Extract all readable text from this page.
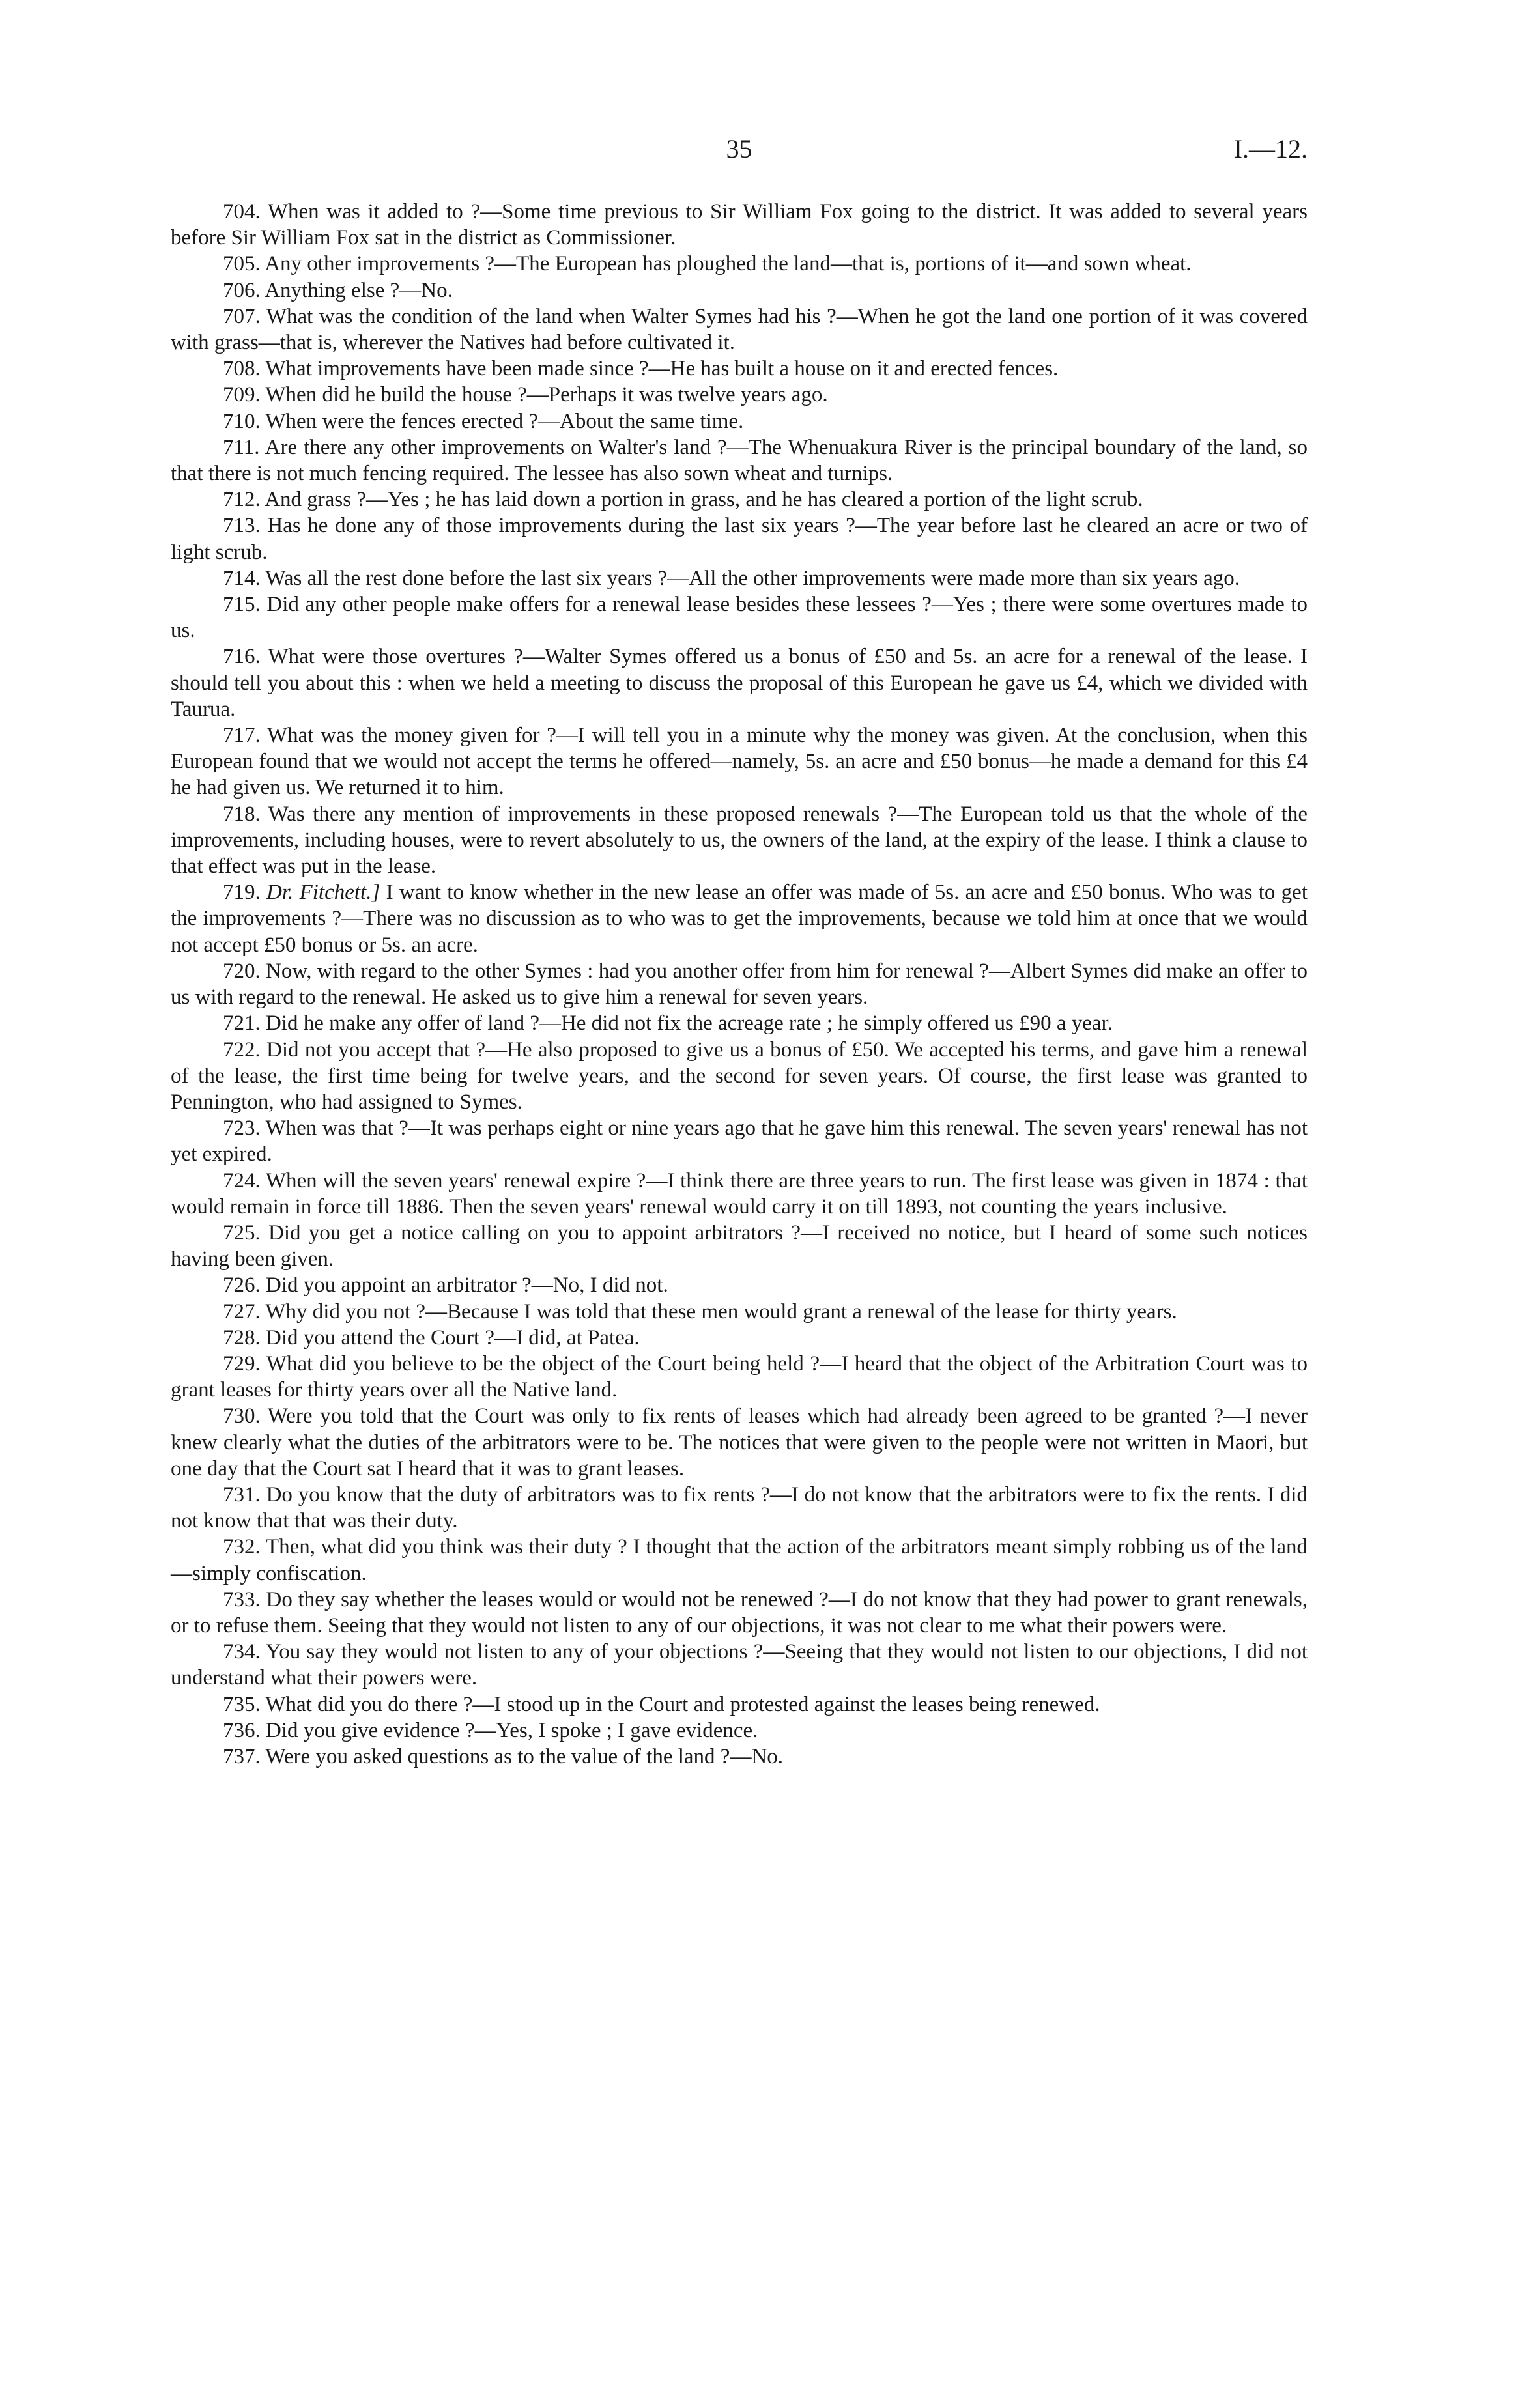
35	I.—12.

704. When was it added to ?—Some time previous to Sir William Fox going to the district. It was added to several years before Sir William Fox sat in the district as Commissioner.

705. Any other improvements ?—The European has ploughed the land—that is, portions of it—and sown wheat.

706. Anything else ?—No.

707. What was the condition of the land when Walter Symes had his ?—When he got the land one portion of it was covered with grass—that is, wherever the Natives had before cultivated it.

708. What improvements have been made since ?—He has built a house on it and erected fences.

709. When did he build the house ?—Perhaps it was twelve years ago.

710. When were the fences erected ?—About the same time.

711. Are there any other improvements on Walter's land ?—The Whenuakura River is the principal boundary of the land, so that there is not much fencing required. The lessee has also sown wheat and turnips.

712. And grass ?—Yes ; he has laid down a portion in grass, and he has cleared a portion of the light scrub.

713. Has he done any of those improvements during the last six years ?—The year before last he cleared an acre or two of light scrub.

714. Was all the rest done before the last six years ?—All the other improvements were made more than six years ago.

715. Did any other people make offers for a renewal lease besides these lessees ?—Yes ; there were some overtures made to us.

716. What were those overtures ?—Walter Symes offered us a bonus of £50 and 5s. an acre for a renewal of the lease. I should tell you about this : when we held a meeting to discuss the proposal of this European he gave us £4, which we divided with Taurua.

717. What was the money given for ?—I will tell you in a minute why the money was given. At the conclusion, when this European found that we would not accept the terms he offered—namely, 5s. an acre and £50 bonus—he made a demand for this £4 he had given us. We returned it to him.

718. Was there any mention of improvements in these proposed renewals ?—The European told us that the whole of the improvements, including houses, were to revert absolutely to us, the owners of the land, at the expiry of the lease. I think a clause to that effect was put in the lease.

719. Dr. Fitchett.] I want to know whether in the new lease an offer was made of 5s. an acre and £50 bonus. Who was to get the improvements ?—There was no discussion as to who was to get the improvements, because we told him at once that we would not accept £50 bonus or 5s. an acre.

720. Now, with regard to the other Symes : had you another offer from him for renewal ?—Albert Symes did make an offer to us with regard to the renewal. He asked us to give him a renewal for seven years.

721. Did he make any offer of land ?—He did not fix the acreage rate ; he simply offered us £90 a year.

722. Did not you accept that ?—He also proposed to give us a bonus of £50. We accepted his terms, and gave him a renewal of the lease, the first time being for twelve years, and the second for seven years. Of course, the first lease was granted to Pennington, who had assigned to Symes.

723. When was that ?—It was perhaps eight or nine years ago that he gave him this renewal. The seven years' renewal has not yet expired.

724. When will the seven years' renewal expire ?—I think there are three years to run. The first lease was given in 1874 : that would remain in force till 1886. Then the seven years' renewal would carry it on till 1893, not counting the years inclusive.

725. Did you get a notice calling on you to appoint arbitrators ?—I received no notice, but I heard of some such notices having been given.

726. Did you appoint an arbitrator ?—No, I did not.

727. Why did you not ?—Because I was told that these men would grant a renewal of the lease for thirty years.

728. Did you attend the Court ?—I did, at Patea.

729. What did you believe to be the object of the Court being held ?—I heard that the object of the Arbitration Court was to grant leases for thirty years over all the Native land.

730. Were you told that the Court was only to fix rents of leases which had already been agreed to be granted ?—I never knew clearly what the duties of the arbitrators were to be. The notices that were given to the people were not written in Maori, but one day that the Court sat I heard that it was to grant leases.

731. Do you know that the duty of arbitrators was to fix rents ?—I do not know that the arbitrators were to fix the rents. I did not know that that was their duty.

732. Then, what did you think was their duty ? I thought that the action of the arbitrators meant simply robbing us of the land—simply confiscation.

733. Do they say whether the leases would or would not be renewed ?—I do not know that they had power to grant renewals, or to refuse them. Seeing that they would not listen to any of our objections, it was not clear to me what their powers were.

734. You say they would not listen to any of your objections ?—Seeing that they would not listen to our objections, I did not understand what their powers were.

735. What did you do there ?—I stood up in the Court and protested against the leases being renewed.

736. Did you give evidence ?—Yes, I spoke ; I gave evidence.

737. Were you asked questions as to the value of the land ?—No.
